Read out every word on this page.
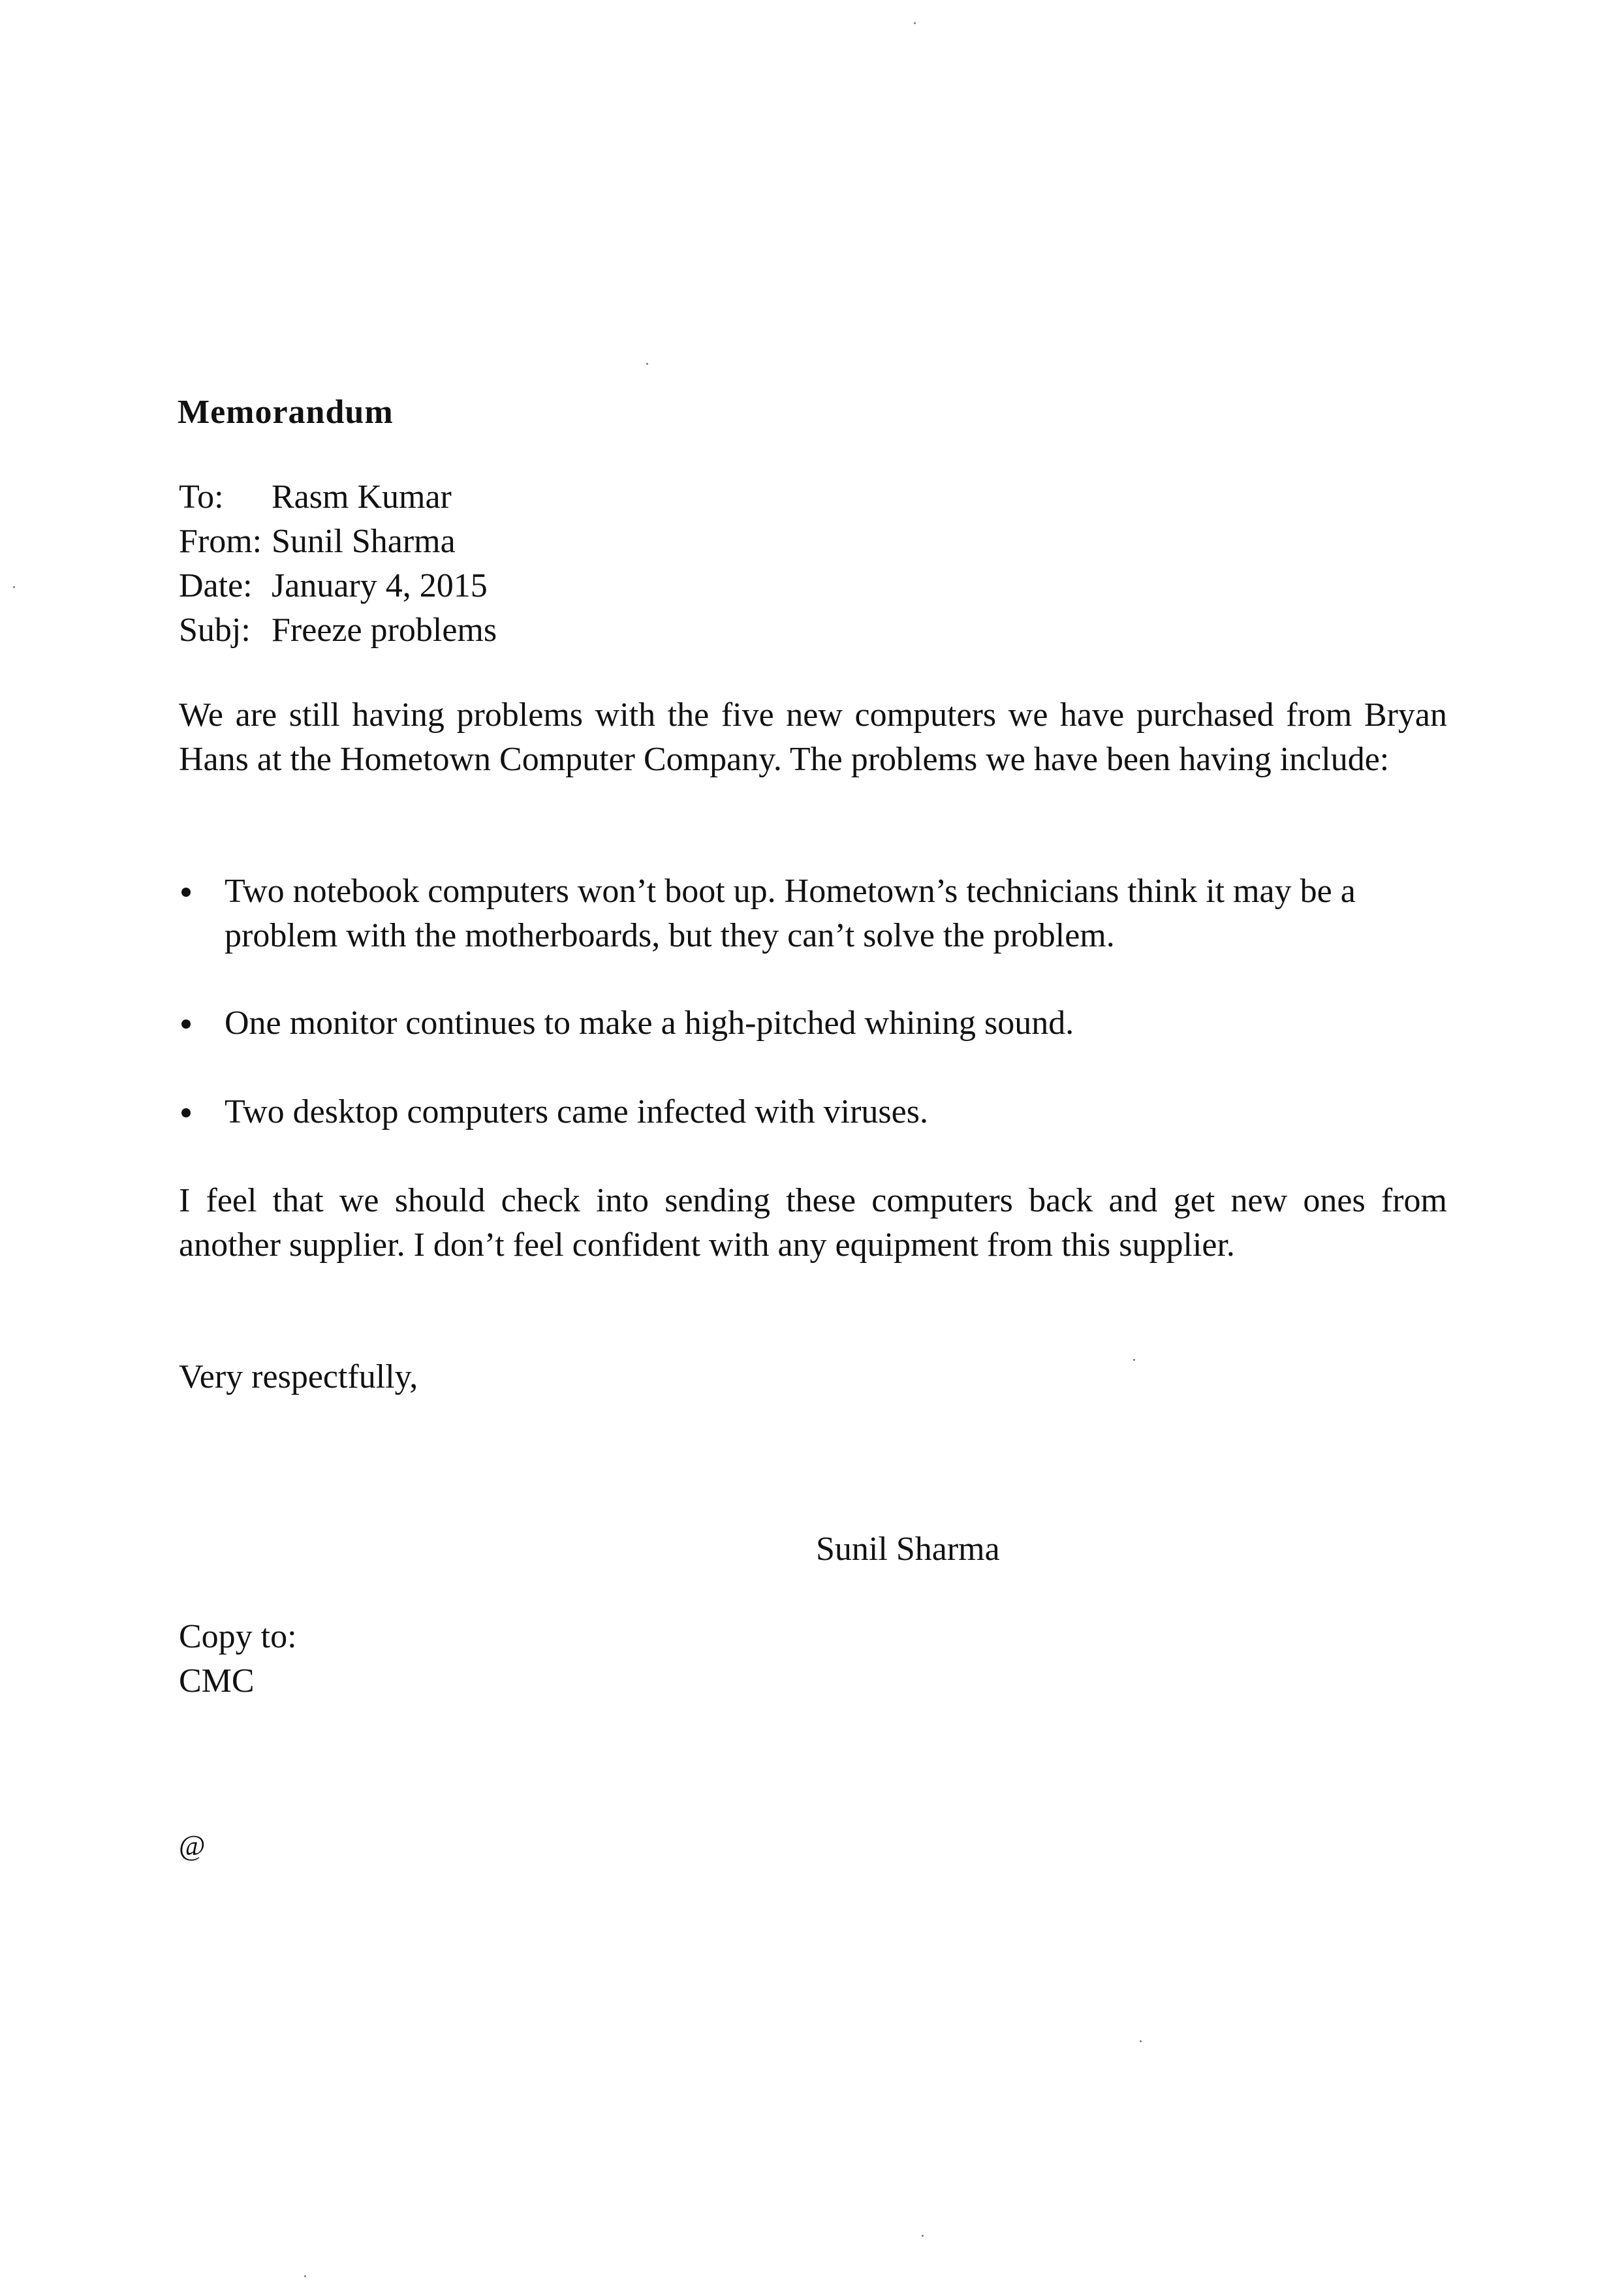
Memorandum
To: Rasm Kumar
From: Sunil Sharma
Date: January 4, 2015
Subj: Freeze problems
We are still having problems with the five new computers we have purchased from Bryan Hans at the Hometown Computer Company. The problems we have been having include:
Two notebook computers won’t boot up. Hometown’s technicians think it may be a problem with the motherboards, but they can’t solve the problem.
One monitor continues to make a high-pitched whining sound.
Two desktop computers came infected with viruses.
I feel that we should check into sending these computers back and get new ones from another supplier. I don’t feel confident with any equipment from this supplier.
Very respectfully,
Sunil Sharma
Copy to:
CMC
@
